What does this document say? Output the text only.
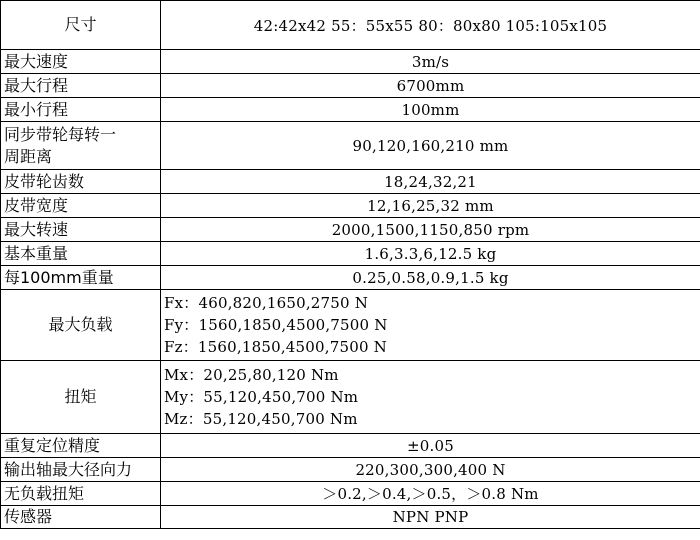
尺寸	42:42x42 55：55x55 80：80x80 105:105x105
最大速度	3m/s
最大行程	6700mm
最小行程	100mm
同步带轮每转一周距离	90,120,160,210 mm
皮带轮齿数	18,24,32,21
皮带宽度	12,16,25,32 mm
最大转速	2000,1500,1150,850 rpm
基本重量	1.6,3.3,6,12.5 kg
每100mm重量	0.25,0.58,0.9,1.5 kg
最大负载	Fx：460,820,1650,2750 N
Fy：1560,1850,4500,7500 N
Fz：1560,1850,4500,7500 N

扭矩	Mx：20,25,80,120 Nm
My：55,120,450,700 Nm
Mz：55,120,450,700 Nm

重复定位精度	±0.05
输出轴最大径向力	220,300,300,400 N
无负载扭矩	＞0.2,＞0.4,＞0.5，＞0.8 Nm
传感器	NPN PNP
